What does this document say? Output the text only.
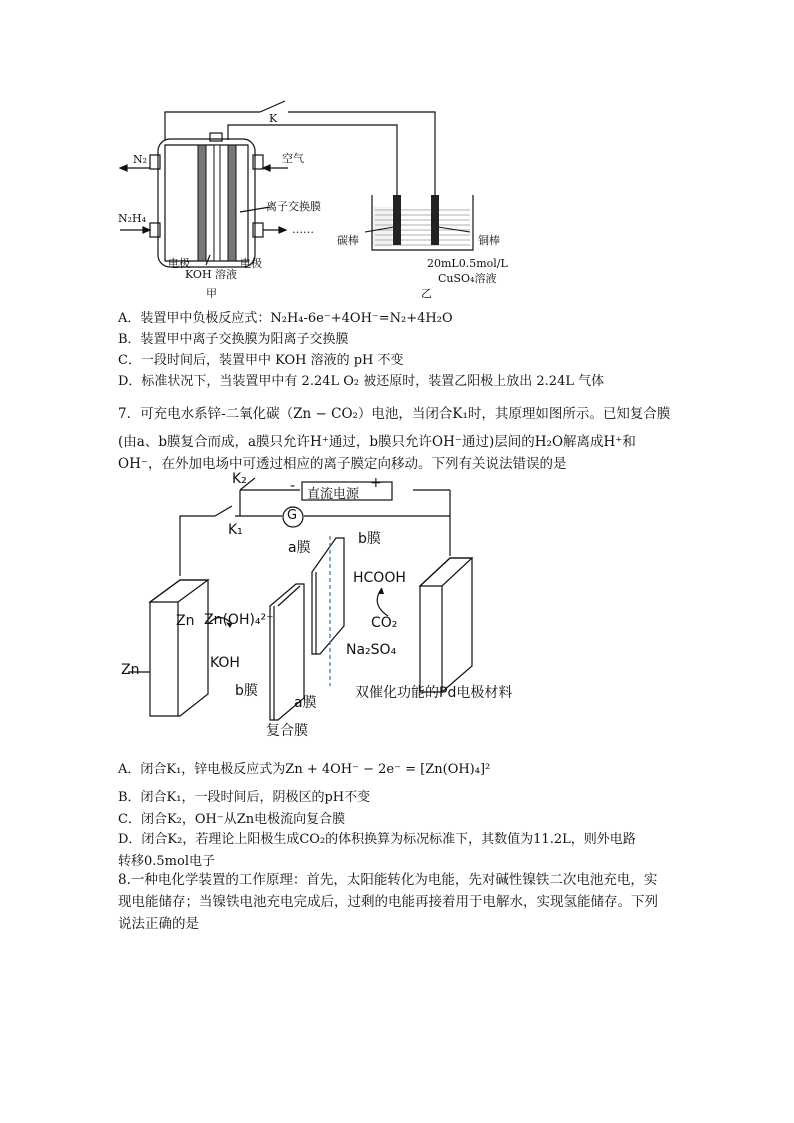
K
N₂	空气
N₂H₄
离子交换膜
……
电极	电极
KOH 溶液
甲
碳棒	铜棒
20mL0.5mol/L
CuSO₄溶液
乙
A．装置甲中负极反应式：N₂H₄-6e⁻+4OH⁻=N₂+4H₂O
B．装置甲中离子交换膜为阳离子交换膜
C．一段时间后，装置甲中 KOH 溶液的 pH 不变
D．标准状况下，当装置甲中有 2.24L O₂ 被还原时，装置乙阳极上放出 2.24L 气体
7．可充电水系锌-二氧化碳（Zn − CO₂）电池，当闭合K₁时，其原理如图所示。已知复合膜
(由a、b膜复合而成，a膜只允许H⁺通过，b膜只允许OH⁻通过)层间的H₂O解离成H⁺和
OH⁻，在外加电场中可透过相应的离子膜定向移动。下列有关说法错误的是
K₂
K₁
-	+
直流电源
G
a膜
b膜
Zn Zn(OH)₄²⁻
KOH
HCOOH
CO₂
Na₂SO₄
Zn
b膜
a膜
双催化功能的Pd电极材料
复合膜
A．闭合K₁，锌电极反应式为Zn + 4OH⁻ − 2e⁻ = [Zn(OH)₄]²
B．闭合K₁，一段时间后，阴极区的pH不变
C．闭合K₂，OH⁻从Zn电极流向复合膜
D．闭合K₂，若理论上阳极生成CO₂的体积换算为标况标准下，其数值为11.2L，则外电路
转移0.5mol电子
8.一种电化学装置的工作原理：首先，太阳能转化为电能，先对碱性镍铁二次电池充电，实
现电能储存；当镍铁电池充电完成后，过剩的电能再接着用于电解水，实现氢能储存。下列
说法正确的是
